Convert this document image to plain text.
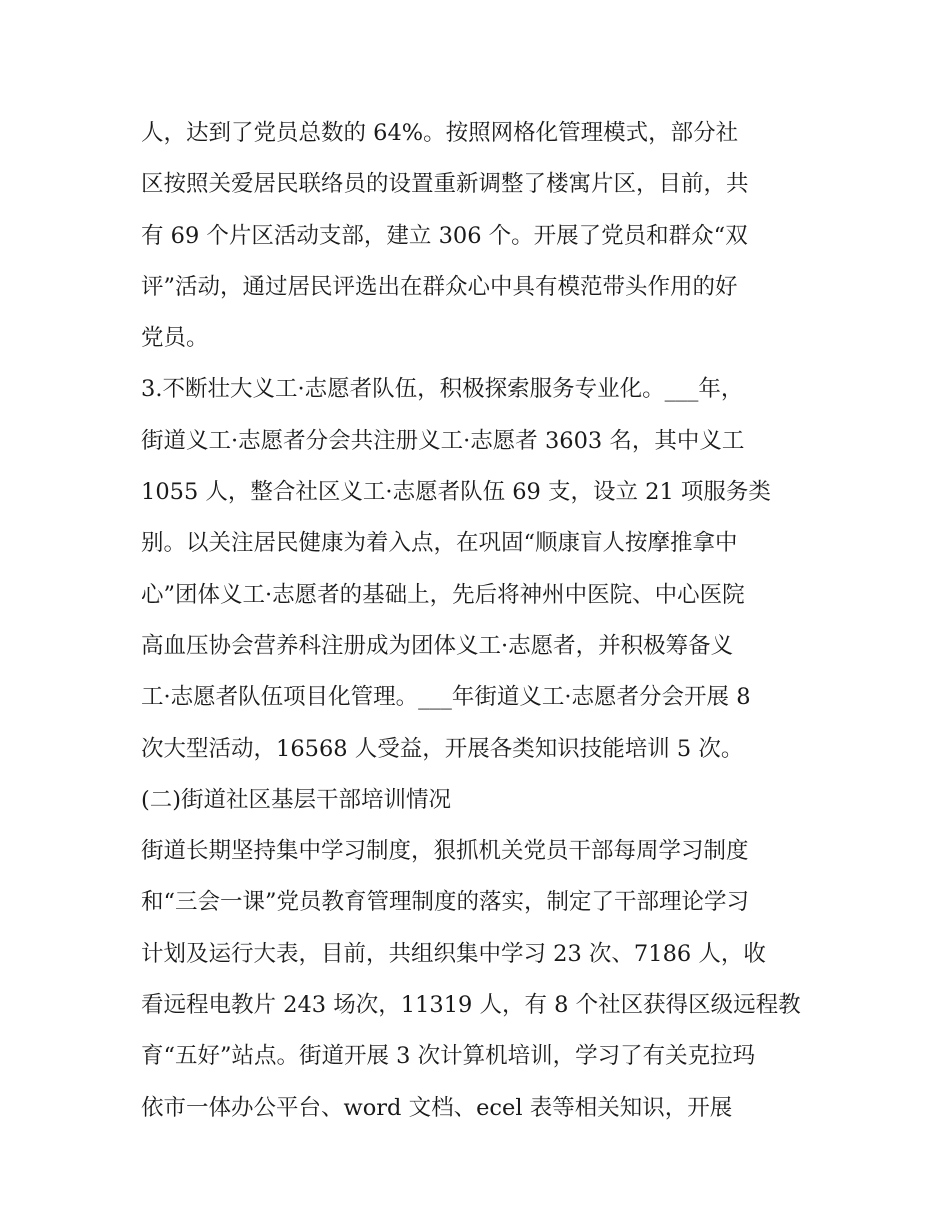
人，达到了党员总数的 64%。按照网格化管理模式，部分社
区按照关爱居民联络员的设置重新调整了楼寓片区，目前，共
有 69 个片区活动支部，建立 306 个。开展了党员和群众“双
评”活动，通过居民评选出在群众心中具有模范带头作用的好
党员。
3.不断壮大义工·志愿者队伍，积极探索服务专业化。___年，
街道义工·志愿者分会共注册义工·志愿者 3603 名，其中义工
1055 人，整合社区义工·志愿者队伍 69 支，设立 21 项服务类
别。以关注居民健康为着入点，在巩固“顺康盲人按摩推拿中
心”团体义工·志愿者的基础上，先后将神州中医院、中心医院
高血压协会营养科注册成为团体义工·志愿者，并积极筹备义
工·志愿者队伍项目化管理。___年街道义工·志愿者分会开展 8
次大型活动，16568 人受益，开展各类知识技能培训 5 次。
(二)街道社区基层干部培训情况
街道长期坚持集中学习制度，狠抓机关党员干部每周学习制度
和“三会一课”党员教育管理制度的落实，制定了干部理论学习
计划及运行大表，目前，共组织集中学习 23 次、7186 人，收
看远程电教片 243 场次，11319 人，有 8 个社区获得区级远程教
育“五好”站点。街道开展 3 次计算机培训，学习了有关克拉玛
依市一体办公平台、word 文档、ecel 表等相关知识，开展
